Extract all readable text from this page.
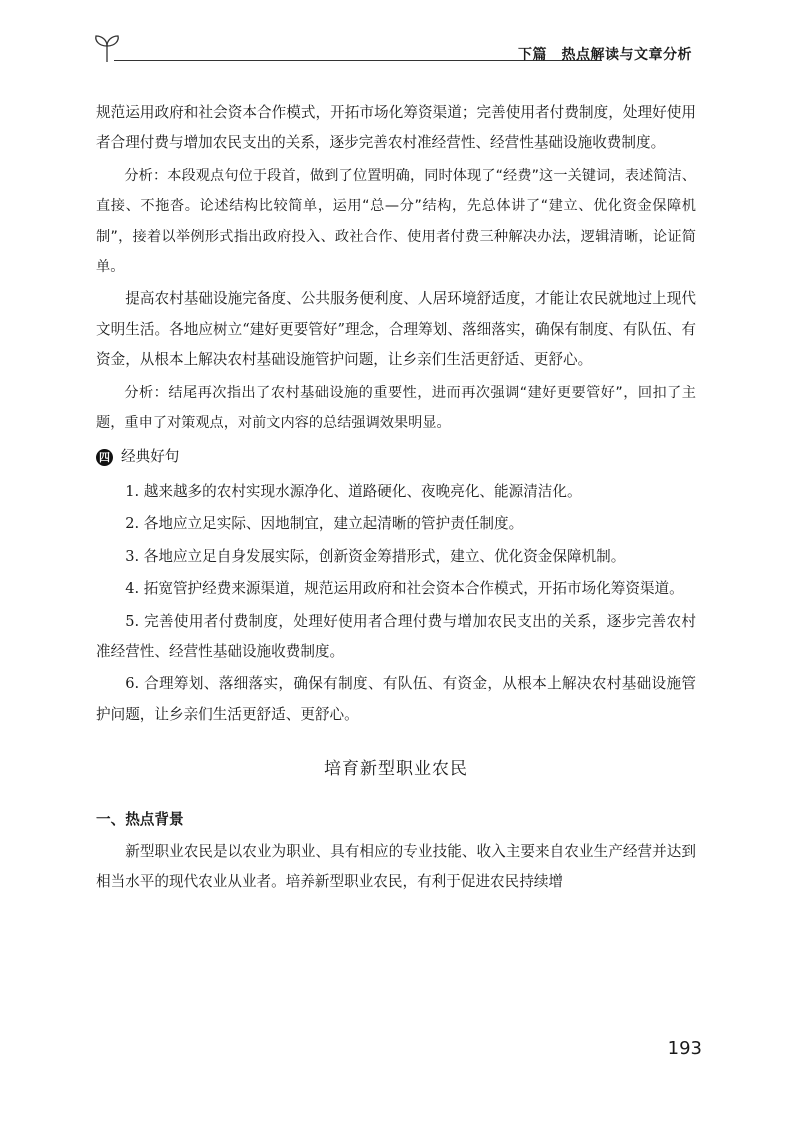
下篇　热点解读与文章分析

规范运用政府和社会资本合作模式，开拓市场化筹资渠道；完善使用者付费制度，处理好使用者合理付费与增加农民支出的关系，逐步完善农村准经营性、经营性基础设施收费制度。

分析：本段观点句位于段首，做到了位置明确，同时体现了“经费”这一关键词，表述简洁、直接、不拖沓。论述结构比较简单，运用“总—分”结构，先总体讲了“建立、优化资金保障机制”，接着以举例形式指出政府投入、政社合作、使用者付费三种解决办法，逻辑清晰，论证简单。

提高农村基础设施完备度、公共服务便利度、人居环境舒适度，才能让农民就地过上现代文明生活。各地应树立“建好更要管好”理念，合理筹划、落细落实，确保有制度、有队伍、有资金，从根本上解决农村基础设施管护问题，让乡亲们生活更舒适、更舒心。

分析：结尾再次指出了农村基础设施的重要性，进而再次强调“建好更要管好”，回扣了主题，重申了对策观点，对前文内容的总结强调效果明显。

四 经典好句

1. 越来越多的农村实现水源净化、道路硬化、夜晚亮化、能源清洁化。

2. 各地应立足实际、因地制宜，建立起清晰的管护责任制度。

3. 各地应立足自身发展实际，创新资金筹措形式，建立、优化资金保障机制。

4. 拓宽管护经费来源渠道，规范运用政府和社会资本合作模式，开拓市场化筹资渠道。

5. 完善使用者付费制度，处理好使用者合理付费与增加农民支出的关系，逐步完善农村准经营性、经营性基础设施收费制度。

6. 合理筹划、落细落实，确保有制度、有队伍、有资金，从根本上解决农村基础设施管护问题，让乡亲们生活更舒适、更舒心。

培育新型职业农民
一、热点背景

新型职业农民是以农业为职业、具有相应的专业技能、收入主要来自农业生产经营并达到相当水平的现代农业从业者。培养新型职业农民，有利于促进农民持续增

193
